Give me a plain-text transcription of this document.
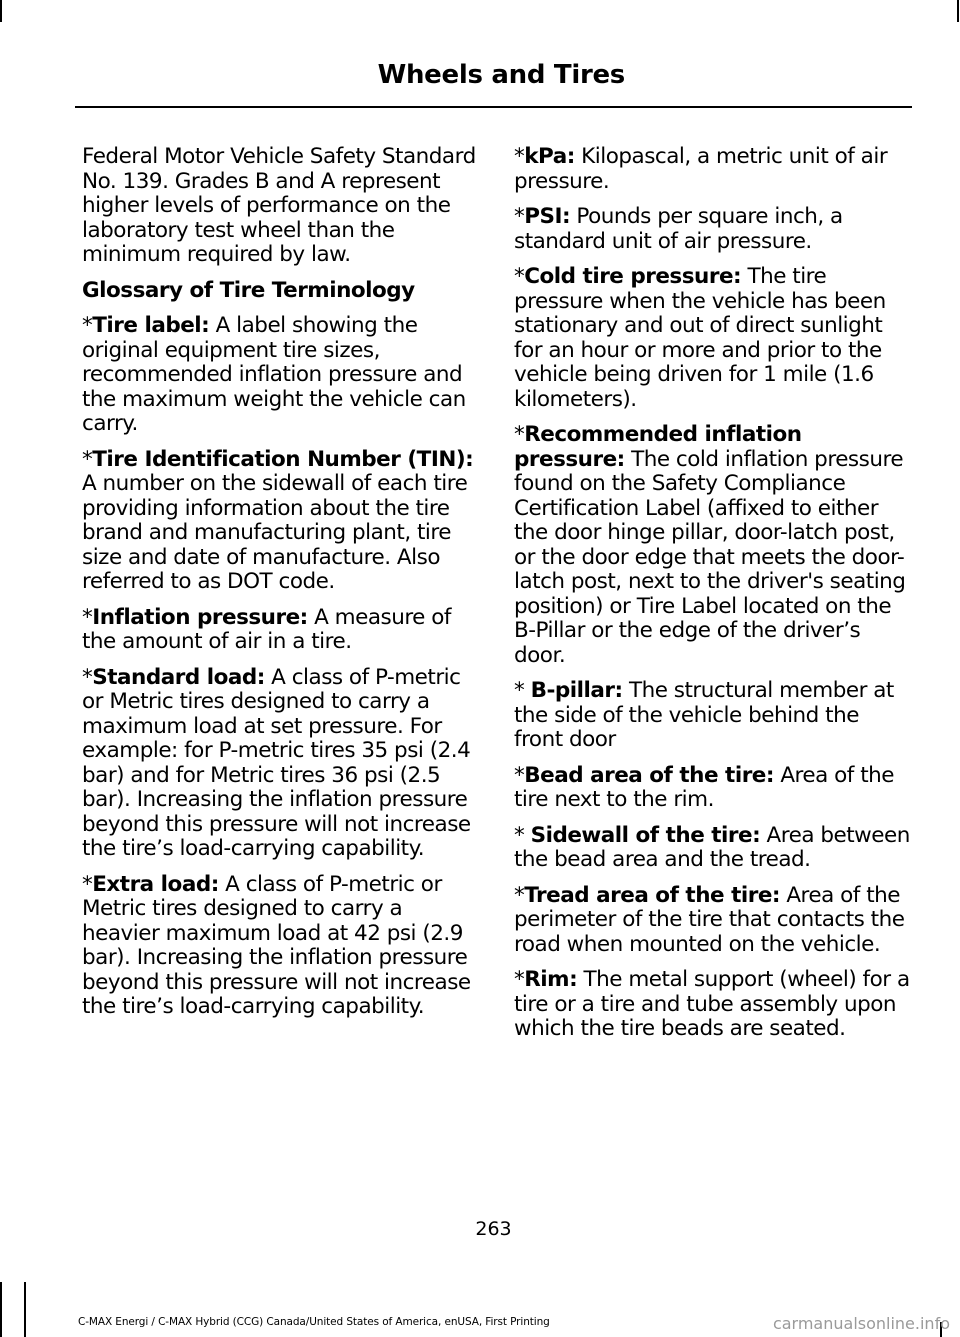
Wheels and Tires

Federal Motor Vehicle Safety Standard No. 139. Grades B and A represent higher levels of performance on the laboratory test wheel than the minimum required by law.

Glossary of Tire Terminology

*Tire label: A label showing the original equipment tire sizes, recommended inflation pressure and the maximum weight the vehicle can carry.

*Tire Identification Number (TIN): A number on the sidewall of each tire providing information about the tire brand and manufacturing plant, tire size and date of manufacture. Also referred to as DOT code.

*Inflation pressure: A measure of the amount of air in a tire.

*Standard load: A class of P-metric or Metric tires designed to carry a maximum load at set pressure. For example: for P-metric tires 35 psi (2.4 bar) and for Metric tires 36 psi (2.5 bar). Increasing the inflation pressure beyond this pressure will not increase the tire’s load-carrying capability.

*Extra load: A class of P-metric or Metric tires designed to carry a heavier maximum load at 42 psi (2.9 bar). Increasing the inflation pressure beyond this pressure will not increase the tire’s load-carrying capability.

*kPa: Kilopascal, a metric unit of air pressure.

*PSI: Pounds per square inch, a standard unit of air pressure.

*Cold tire pressure: The tire pressure when the vehicle has been stationary and out of direct sunlight for an hour or more and prior to the vehicle being driven for 1 mile (1.6 kilometers).

*Recommended inflation pressure: The cold inflation pressure found on the Safety Compliance Certification Label (affixed to either the door hinge pillar, door-latch post, or the door edge that meets the door-latch post, next to the driver's seating position) or Tire Label located on the B-Pillar or the edge of the driver’s door.

* B-pillar: The structural member at the side of the vehicle behind the front door

*Bead area of the tire: Area of the tire next to the rim.

* Sidewall of the tire: Area between the bead area and the tread.

*Tread area of the tire: Area of the perimeter of the tire that contacts the road when mounted on the vehicle.

*Rim: The metal support (wheel) for a tire or a tire and tube assembly upon which the tire beads are seated.

263
C-MAX Energi / C-MAX Hybrid (CCG) Canada/United States of America, enUSA, First Printing	carmanualsonline.info
